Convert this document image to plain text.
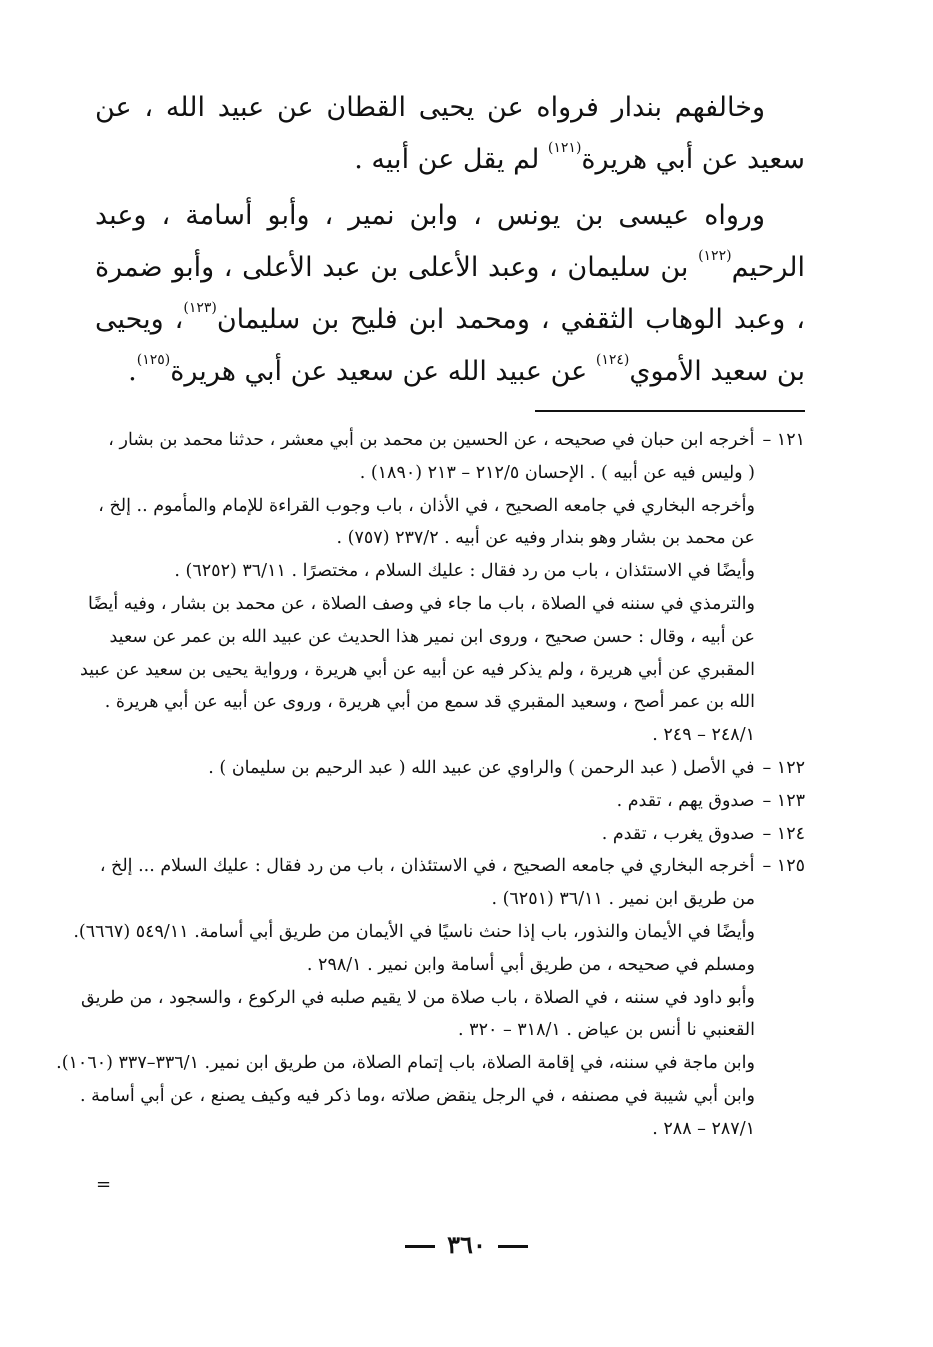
وخالفهم بندار فرواه عن يحيى القطان عن عبيد الله ، عن سعيد عن أبي هريرة$^{(١٢١)}$ لم يقل عن أبيه .

ورواه عيسى بن يونس ، وابن نمير ، وأبو أسامة ، وعبد الرحيم$^{(١٢٢)}$ بن سليمان ، وعبد الأعلى بن عبد الأعلى ، وأبو ضمرة ، وعبد الوهاب الثقفي ، ومحمد ابن فليح بن سليمان$^{(١٢٣)}$، ويحيى بن سعيد الأموي$^{(١٢٤)}$ عن عبيد الله عن سعيد عن أبي هريرة$^{(١٢٥)}$.

١٢١ –أخرجه ابن حبان في صحيحه ، عن الحسين بن محمد بن أبي معشر ، حدثنا محمد بن بشار ،
( وليس فيه عن أبيه ) . الإحسان ٢١٢/٥ – ٢١٣ (١٨٩٠) .
وأخرجه البخاري في جامعه الصحيح ، في الأذان ، باب وجوب القراءة للإمام والمأموم .. إلخ ،
عن محمد بن بشار وهو بندار وفيه عن أبيه . ٢٣٧/٢ (٧٥٧) .
وأيضًا في الاستئذان ، باب من رد فقال : عليك السلام ، مختصرًا . ٣٦/١١ (٦٢٥٢) .
والترمذي في سننه في الصلاة ، باب ما جاء في وصف الصلاة ، عن محمد بن بشار ، وفيه أيضًا
عن أبيه ، وقال : حسن صحيح ، وروى ابن نمير هذا الحديث عن عبيد الله بن عمر عن سعيد
المقبري عن أبي هريرة ، ولم يذكر فيه عن أبيه عن أبي هريرة ، ورواية يحيى بن سعيد عن عبيد
الله بن عمر أصح ، وسعيد المقبري قد سمع من أبي هريرة ، وروى عن أبيه عن أبي هريرة .
٢٤٨/١ – ٢٤٩ .
١٢٢ –في الأصل ( عبد الرحمن ) والراوي عن عبيد الله ( عبد الرحيم بن سليمان ) .
١٢٣ –صدوق يهم ، تقدم .
١٢٤ –صدوق يغرب ، تقدم .
١٢٥ –أخرجه البخاري في جامعه الصحيح ، في الاستئذان ، باب من رد فقال : عليك السلام ... إلخ ،
من طريق ابن نمير . ٣٦/١١ (٦٢٥١) .
وأيضًا في الأيمان والنذور، باب إذا حنث ناسيًا في الأيمان من طريق أبي أسامة. ٥٤٩/١١ (٦٦٦٧).
ومسلم في صحيحه ، من طريق أبي أسامة وابن نمير . ٢٩٨/١ .
وأبو داود في سننه ، في الصلاة ، باب صلاة من لا يقيم صلبه في الركوع ، والسجود ، من طريق
القعنبي نا أنس بن عياض . ٣١٨/١ – ٣٢٠ .
وابن ماجة في سننه، في إقامة الصلاة، باب إتمام الصلاة، من طريق ابن نمير. ٣٣٦/١–٣٣٧ (١٠٦٠).
وابن أبي شيبة في مصنفه ، في الرجل ينقض صلاته ،وما ذكر فيه وكيف يصنع ، عن أبي أسامة .
٢٨٧/١ – ٢٨٨ .
=
٣٦٠
